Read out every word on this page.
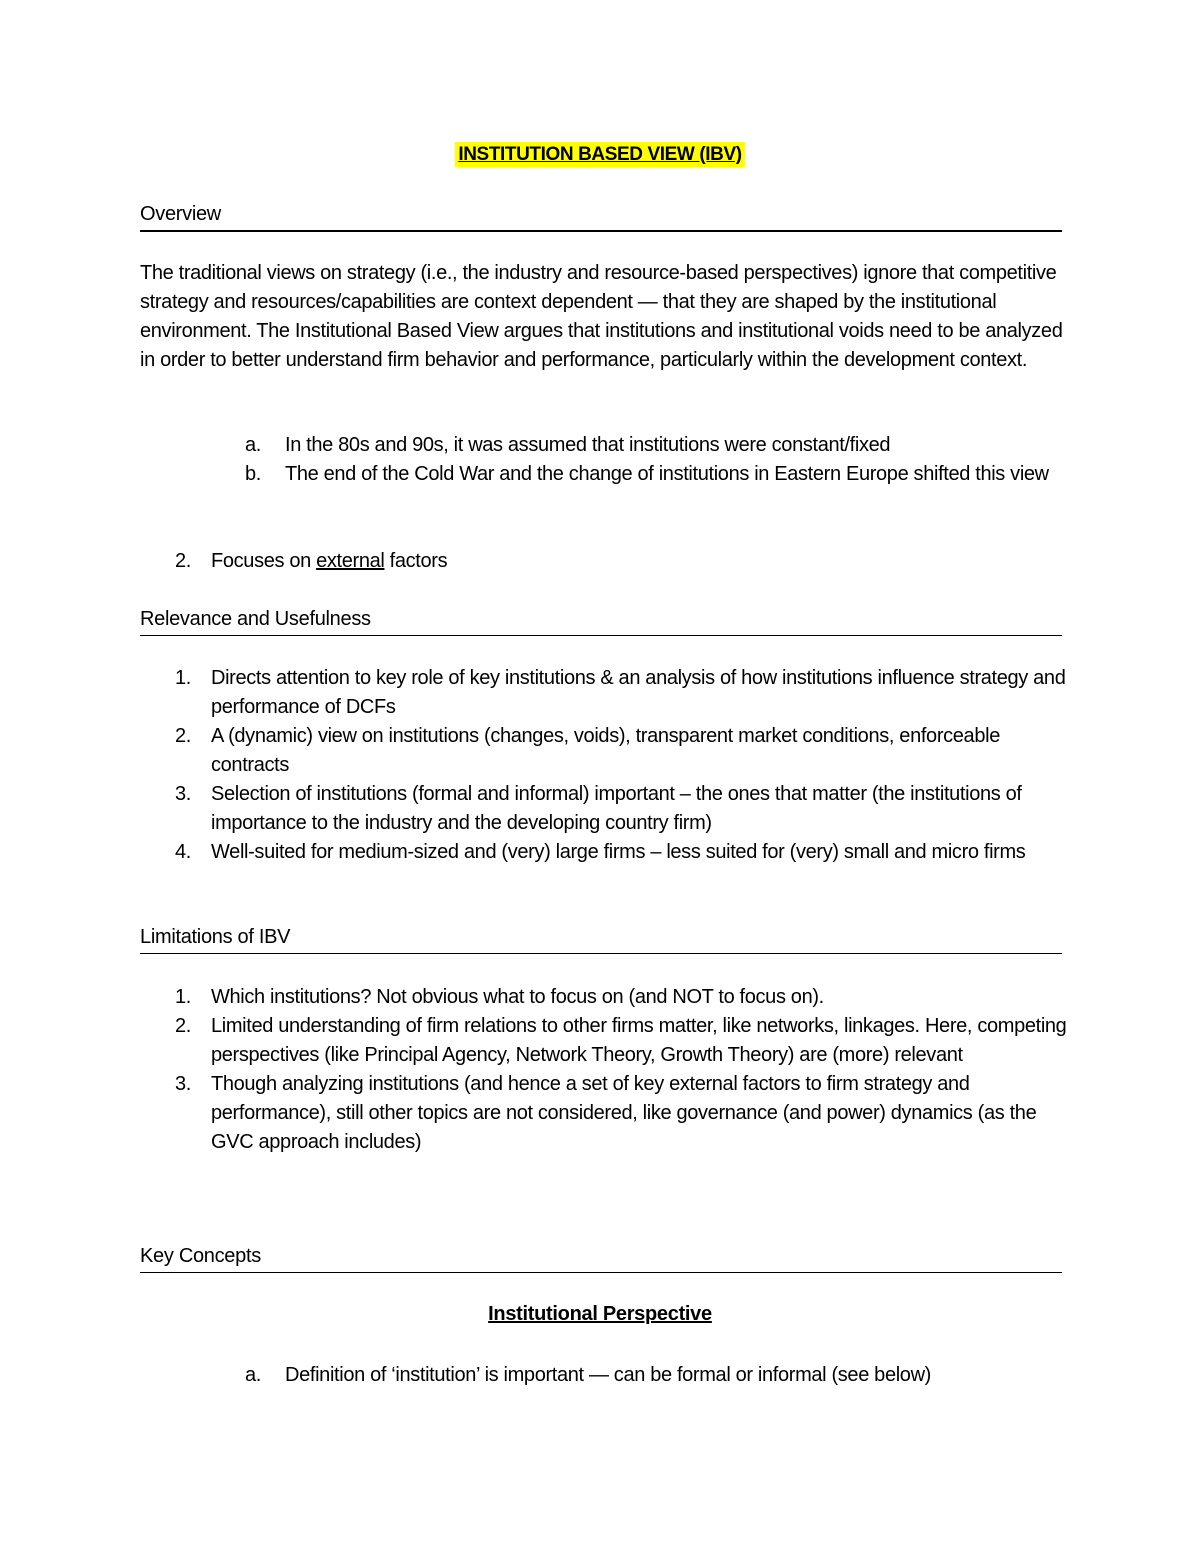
INSTITUTION BASED VIEW (IBV)
Overview
The traditional views on strategy (i.e., the industry and resource-based perspectives) ignore that competitive strategy and resources/capabilities are context dependent — that they are shaped by the institutional environment. The Institutional Based View argues that institutions and institutional voids need to be analyzed in order to better understand firm behavior and performance, particularly within the development context.
a. In the 80s and 90s, it was assumed that institutions were constant/fixed
b. The end of the Cold War and the change of institutions in Eastern Europe shifted this view
2. Focuses on external factors
Relevance and Usefulness
1. Directs attention to key role of key institutions & an analysis of how institutions influence strategy and performance of DCFs
2. A (dynamic) view on institutions (changes, voids), transparent market conditions, enforceable contracts
3. Selection of institutions (formal and informal) important – the ones that matter (the institutions of importance to the industry and the developing country firm)
4. Well-suited for medium-sized and (very) large firms – less suited for (very) small and micro firms
Limitations of IBV
1. Which institutions? Not obvious what to focus on (and NOT to focus on).
2. Limited understanding of firm relations to other firms matter, like networks, linkages. Here, competing perspectives (like Principal Agency, Network Theory, Growth Theory) are (more) relevant
3. Though analyzing institutions (and hence a set of key external factors to firm strategy and performance), still other topics are not considered, like governance (and power) dynamics (as the GVC approach includes)
Key Concepts
Institutional Perspective
a. Definition of ‘institution’ is important — can be formal or informal (see below)
